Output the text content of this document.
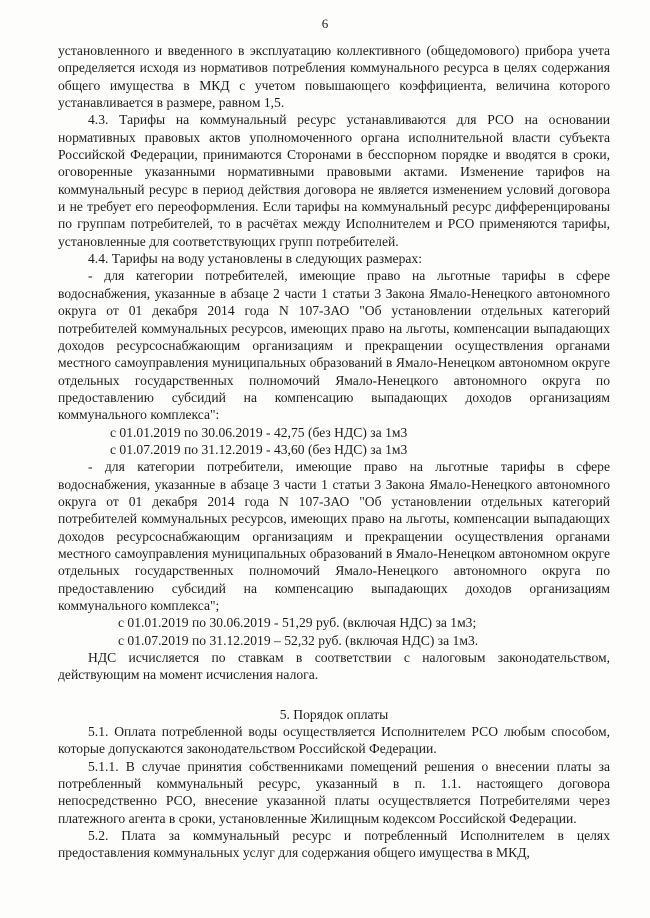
6

установленного и введенного в эксплуатацию коллективного (общедомового) прибора учета определяется исходя из нормативов потребления коммунального ресурса в целях содержания общего имущества в МКД с учетом повышающего коэффициента, величина которого устанавливается в размере, равном 1,5.

4.3. Тарифы на коммунальный ресурс устанавливаются для РСО на основании нормативных правовых актов уполномоченного органа исполнительной власти субъекта Российской Федерации, принимаются Сторонами в бесспорном порядке и вводятся в сроки, оговоренные указанными нормативными правовыми актами. Изменение тарифов на коммунальный ресурс в период действия договора не является изменением условий договора и не требует его переоформления. Если тарифы на коммунальный ресурс дифференцированы по группам потребителей, то в расчётах между Исполнителем и РСО применяются тарифы, установленные для соответствующих групп потребителей.

4.4. Тарифы на воду установлены в следующих размерах:

- для категории потребителей, имеющие право на льготные тарифы в сфере водоснабжения, указанные в абзаце 2 части 1 статьи 3 Закона Ямало-Ненецкого автономного округа от 01 декабря 2014 года N 107-ЗАО "Об установлении отдельных категорий потребителей коммунальных ресурсов, имеющих право на льготы, компенсации выпадающих доходов ресурсоснабжающим организациям и прекращении осуществления органами местного самоуправления муниципальных образований в Ямало-Ненецком автономном округе отдельных государственных полномочий Ямало-Ненецкого автономного округа по предоставлению субсидий на компенсацию выпадающих доходов организациям коммунального комплекса":

с 01.01.2019 по 30.06.2019 - 42,75 (без НДС) за 1м3

с 01.07.2019 по 31.12.2019 - 43,60 (без НДС) за 1м3

- для категории потребители, имеющие право на льготные тарифы в сфере водоснабжения, указанные в абзаце 3 части 1 статьи 3 Закона Ямало-Ненецкого автономного округа от 01 декабря 2014 года N 107-ЗАО "Об установлении отдельных категорий потребителей коммунальных ресурсов, имеющих право на льготы, компенсации выпадающих доходов ресурсоснабжающим организациям и прекращении осуществления органами местного самоуправления муниципальных образований в Ямало-Ненецком автономном округе отдельных государственных полномочий Ямало-Ненецкого автономного округа по предоставлению субсидий на компенсацию выпадающих доходов организациям коммунального комплекса";

с 01.01.2019 по 30.06.2019 - 51,29 руб. (включая НДС) за 1м3;

с 01.07.2019 по 31.12.2019 – 52,32 руб. (включая НДС) за 1м3.

НДС исчисляется по ставкам в соответствии с налоговым законодательством, действующим на момент исчисления налога.

5. Порядок оплаты

5.1. Оплата потребленной воды осуществляется Исполнителем РСО любым способом, которые допускаются законодательством Российской Федерации.

5.1.1. В случае принятия собственниками помещений решения о внесении платы за потребленный коммунальный ресурс, указанный в п. 1.1. настоящего договора непосредственно РСО, внесение указанной платы осуществляется Потребителями через платежного агента в сроки, установленные Жилищным кодексом Российской Федерации.

5.2. Плата за коммунальный ресурс и потребленный Исполнителем в целях предоставления коммунальных услуг для содержания общего имущества в МКД,
